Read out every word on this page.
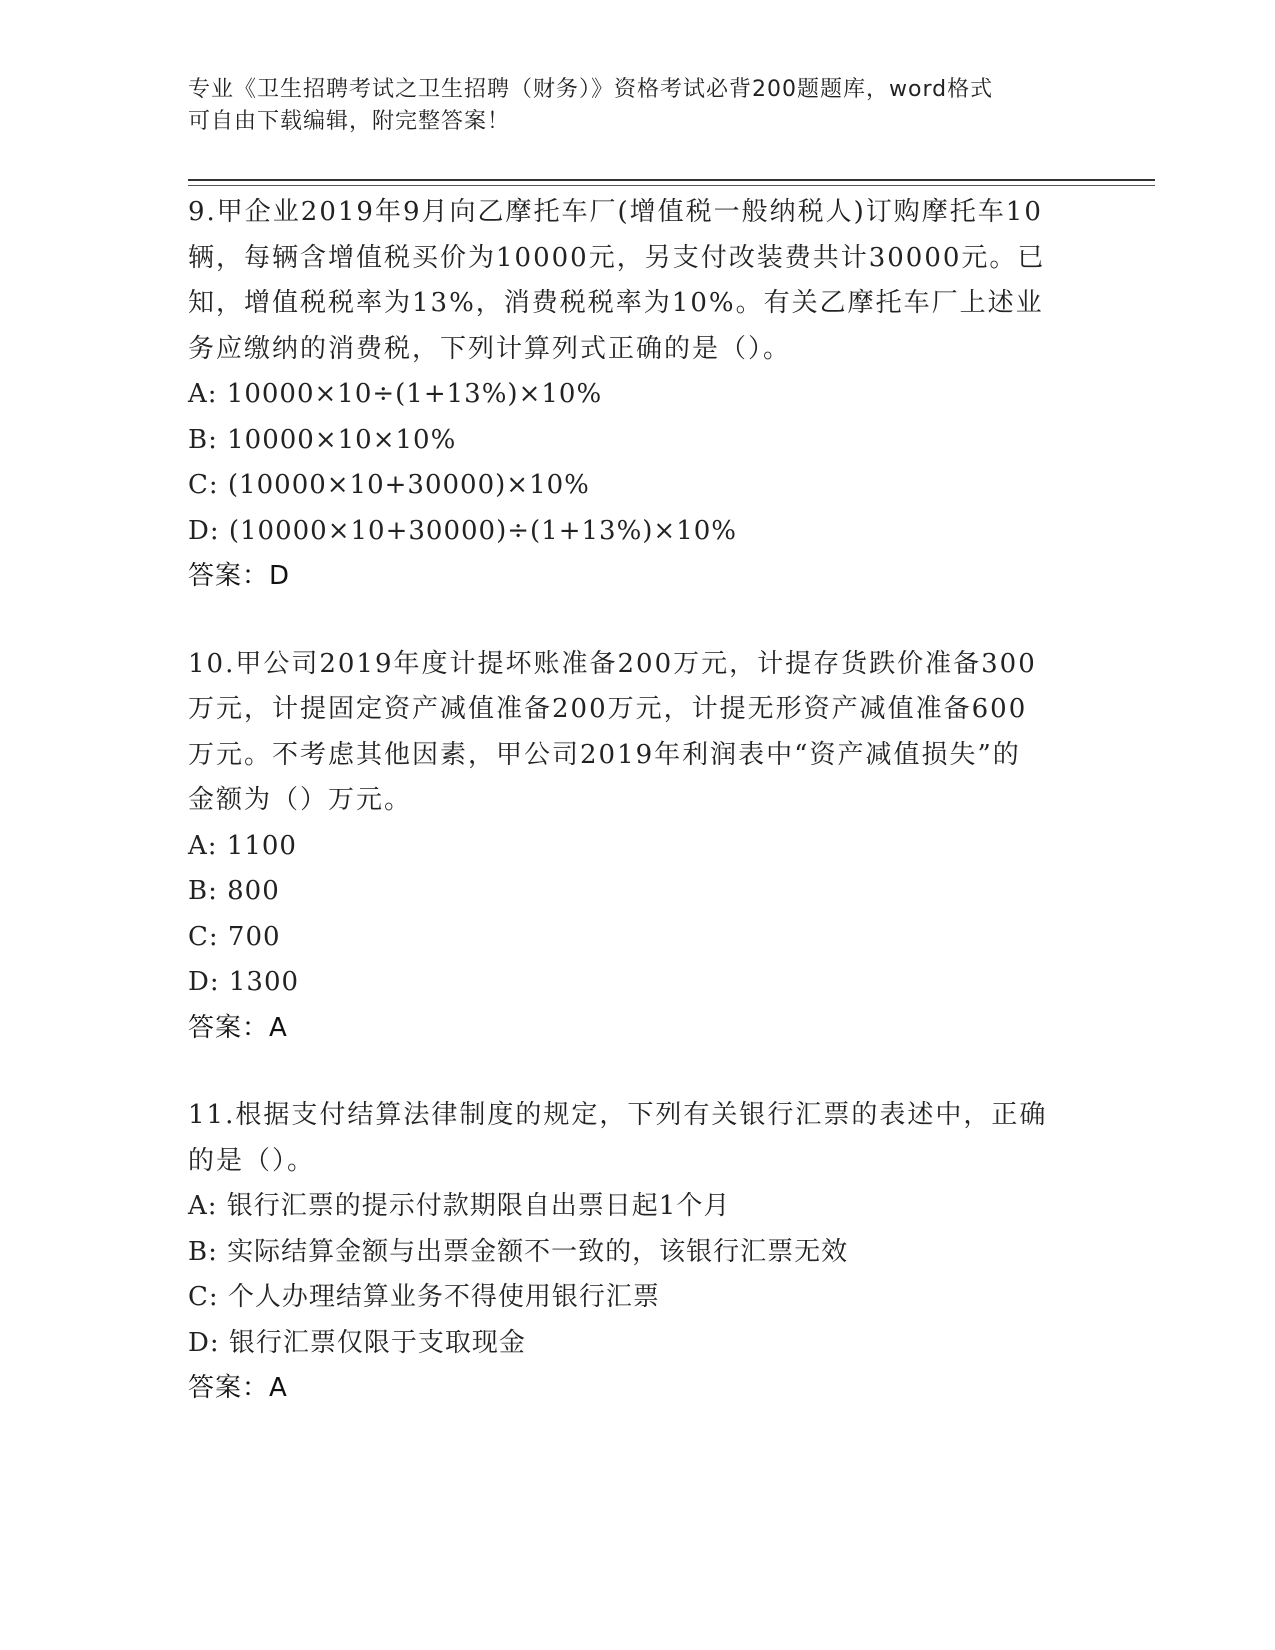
专业《卫生招聘考试之卫生招聘（财务）》资格考试必背200题题库，word格式

可自由下载编辑，附完整答案！

9.甲企业2019年9月向乙摩托车厂(增值税一般纳税人)订购摩托车10

辆，每辆含增值税买价为10000元，另支付改装费共计30000元。已

知，增值税税率为13%，消费税税率为10%。有关乙摩托车厂上述业

务应缴纳的消费税，下列计算列式正确的是（）。

A: 10000×10÷(1+13%)×10%

B: 10000×10×10%

C: (10000×10+30000)×10%

D: (10000×10+30000)÷(1+13%)×10%

答案：D

10.甲公司2019年度计提坏账准备200万元，计提存货跌价准备300

万元，计提固定资产减值准备200万元，计提无形资产减值准备600

万元。不考虑其他因素，甲公司2019年利润表中“资产减值损失”的

金额为（）万元。

A: 1100

B: 800

C: 700

D: 1300

答案：A

11.根据支付结算法律制度的规定，下列有关银行汇票的表述中，正确

的是（）。

A: 银行汇票的提示付款期限自出票日起1个月

B: 实际结算金额与出票金额不一致的，该银行汇票无效

C: 个人办理结算业务不得使用银行汇票

D: 银行汇票仅限于支取现金

答案：A
